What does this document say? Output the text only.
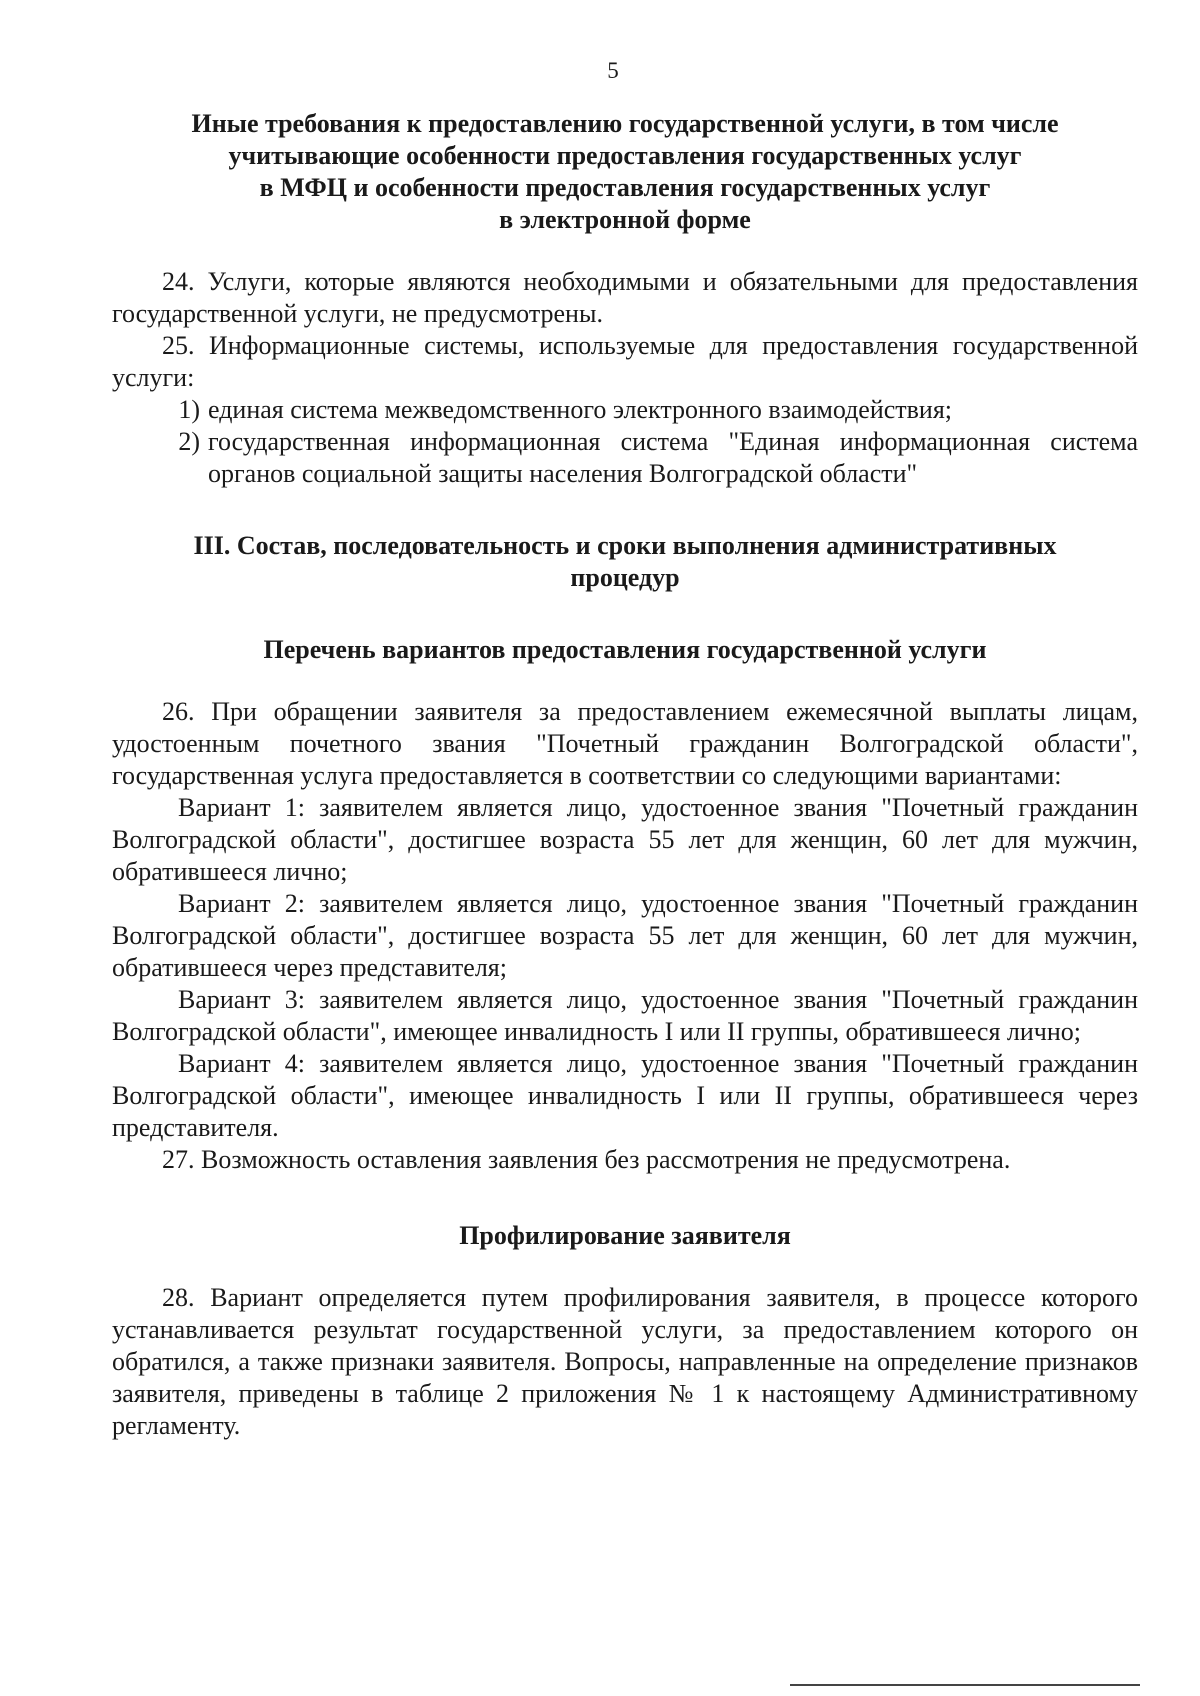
5
Иные требования к предоставлению государственной услуги, в том числе
учитывающие особенности предоставления государственных услуг
в МФЦ и особенности предоставления государственных услуг
в электронной форме

24. Услуги, которые являются необходимыми и обязательными для предоставления государственной услуги, не предусмотрены.

25. Информационные системы, используемые для предоставления государственной услуги:

1) единая система межведомственного электронного взаимодействия;
2) государственная информационная система "Единая информационная система органов социальной защиты населения Волгоградской области"
III. Состав, последовательность и сроки выполнения административных
процедур
Перечень вариантов предоставления государственной услуги

26. При обращении заявителя за предоставлением ежемесячной выплаты лицам, удостоенным почетного звания "Почетный гражданин Волгоградской области", государственная услуга предоставляется в соответствии со следующими вариантами:

Вариант 1: заявителем является лицо, удостоенное звания "Почетный гражданин Волгоградской области", достигшее возраста 55 лет для женщин, 60 лет для мужчин, обратившееся лично;

Вариант 2: заявителем является лицо, удостоенное звания "Почетный гражданин Волгоградской области", достигшее возраста 55 лет для женщин, 60 лет для мужчин, обратившееся через представителя;

Вариант 3: заявителем является лицо, удостоенное звания "Почетный гражданин Волгоградской области", имеющее инвалидность I или II группы, обратившееся лично;

Вариант 4: заявителем является лицо, удостоенное звания "Почетный гражданин Волгоградской области", имеющее инвалидность I или II группы, обратившееся через представителя.

27. Возможность оставления заявления без рассмотрения не предусмотрена.

Профилирование заявителя

28. Вариант определяется путем профилирования заявителя, в процессе которого устанавливается результат государственной услуги, за предоставлением которого он обратился, а также признаки заявителя. Вопросы, направленные на определение признаков заявителя, приведены в таблице 2 приложения № 1 к настоящему Административному регламенту.
